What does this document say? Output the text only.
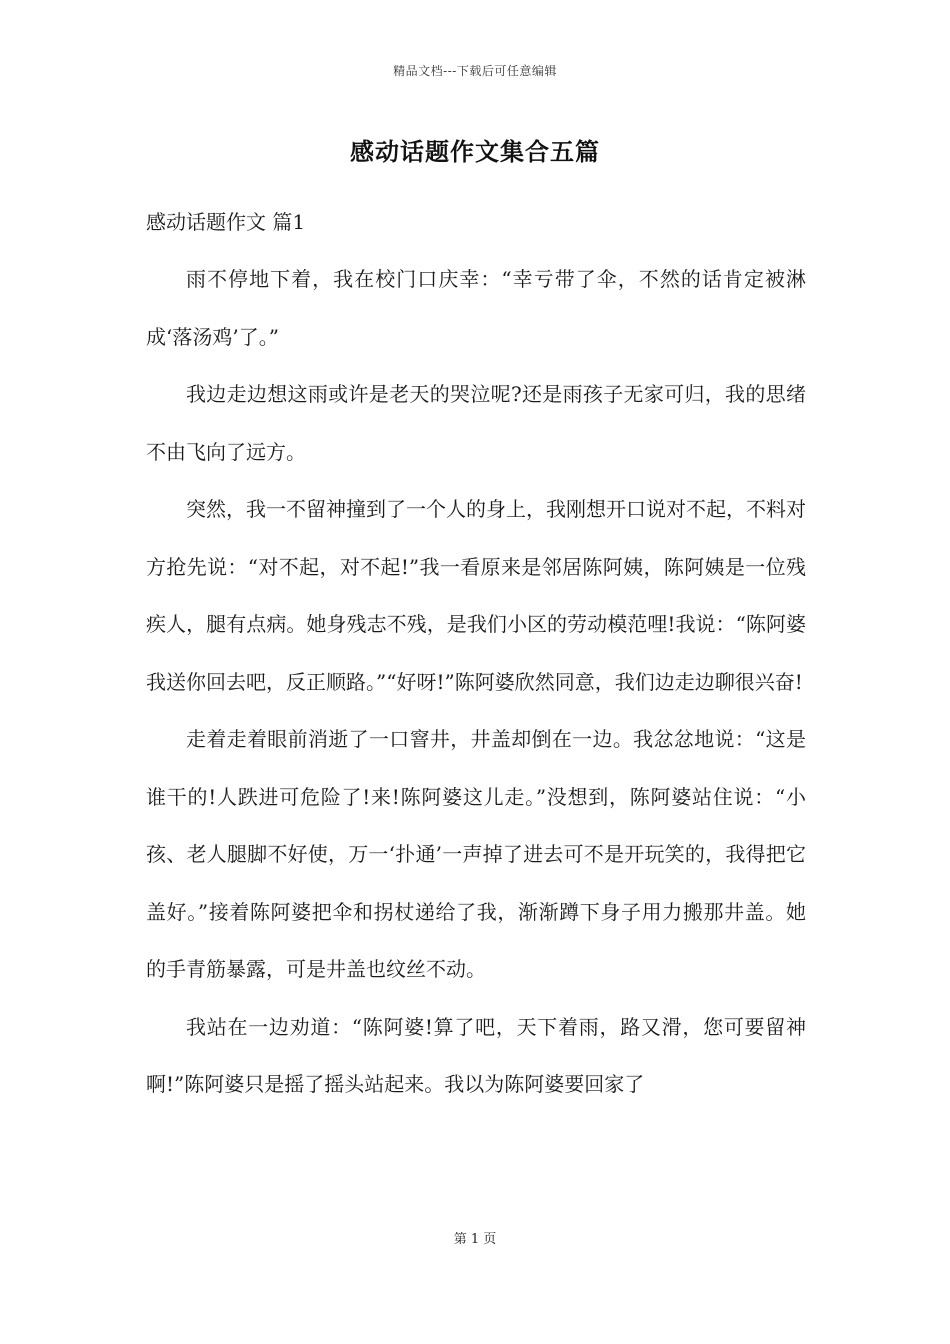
精品文档---下载后可任意编辑
感动话题作文集合五篇
感动话题作文 篇1

雨不停地下着，我在校门口庆幸：“幸亏带了伞，不然的话肯定被淋成‘落汤鸡’了。”

我边走边想这雨或许是老天的哭泣呢?还是雨孩子无家可归，我的思绪不由飞向了远方。

突然，我一不留神撞到了一个人的身上，我刚想开口说对不起，不料对方抢先说：“对不起，对不起!”我一看原来是邻居陈阿姨，陈阿姨是一位残疾人，腿有点病。她身残志不残，是我们小区的劳动模范哩!我说：“陈阿婆我送你回去吧，反正顺路。”“好呀!”陈阿婆欣然同意，我们边走边聊很兴奋!

走着走着眼前消逝了一口窨井，井盖却倒在一边。我忿忿地说：“这是谁干的!人跌进可危险了!来!陈阿婆这儿走。”没想到，陈阿婆站住说：“小孩、老人腿脚不好使，万一‘扑通’一声掉了进去可不是开玩笑的，我得把它盖好。”接着陈阿婆把伞和拐杖递给了我，渐渐蹲下身子用力搬那井盖。她的手青筋暴露，可是井盖也纹丝不动。

我站在一边劝道：“陈阿婆!算了吧，天下着雨，路又滑，您可要留神啊!”陈阿婆只是摇了摇头站起来。我以为陈阿婆要回家了

第 1 页
